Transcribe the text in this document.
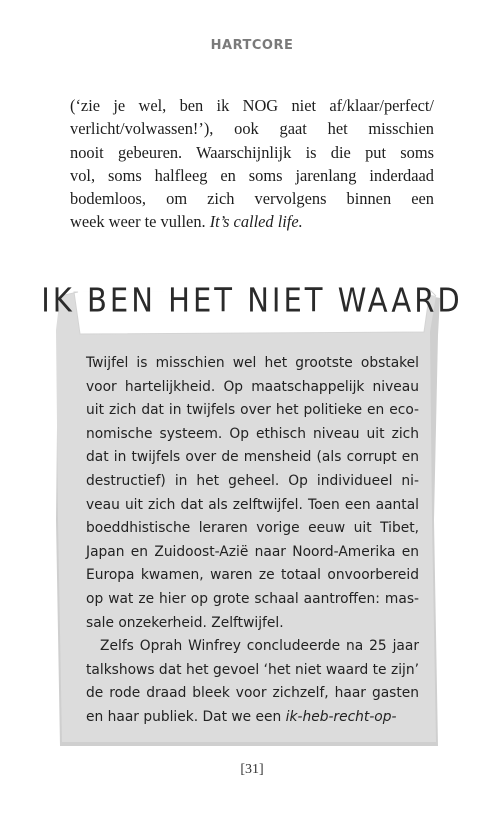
HARTCORE
(‘zie je wel, ben ik NOG niet af/klaar/perfect/
verlicht/volwassen!’), ook gaat het misschien
nooit gebeuren. Waarschijnlijk is die put soms
vol, soms halfleeg en soms jarenlang inderdaad
bodemloos, om zich vervolgens binnen een
week weer te vullen. It’s called life.
IK BEN HET NIET WAARD
Twijfel is misschien wel het grootste obstakel
voor hartelijkheid. Op maatschappelijk niveau
uit zich dat in twijfels over het politieke en eco-
nomische systeem. Op ethisch niveau uit zich
dat in twijfels over de mensheid (als corrupt en
destructief) in het geheel. Op individueel ni-
veau uit zich dat als zelftwijfel. Toen een aantal
boeddhistische leraren vorige eeuw uit Tibet,
Japan en Zuidoost-Azië naar Noord-Amerika en
Europa kwamen, waren ze totaal onvoorbereid
op wat ze hier op grote schaal aantroffen: mas-
sale onzekerheid. Zelftwijfel.
Zelfs Oprah Winfrey concludeerde na 25 jaar
talkshows dat het gevoel ‘het niet waard te zijn’
de rode draad bleek voor zichzelf, haar gasten
en haar publiek. Dat we een ik-heb-recht-op-
[31]
